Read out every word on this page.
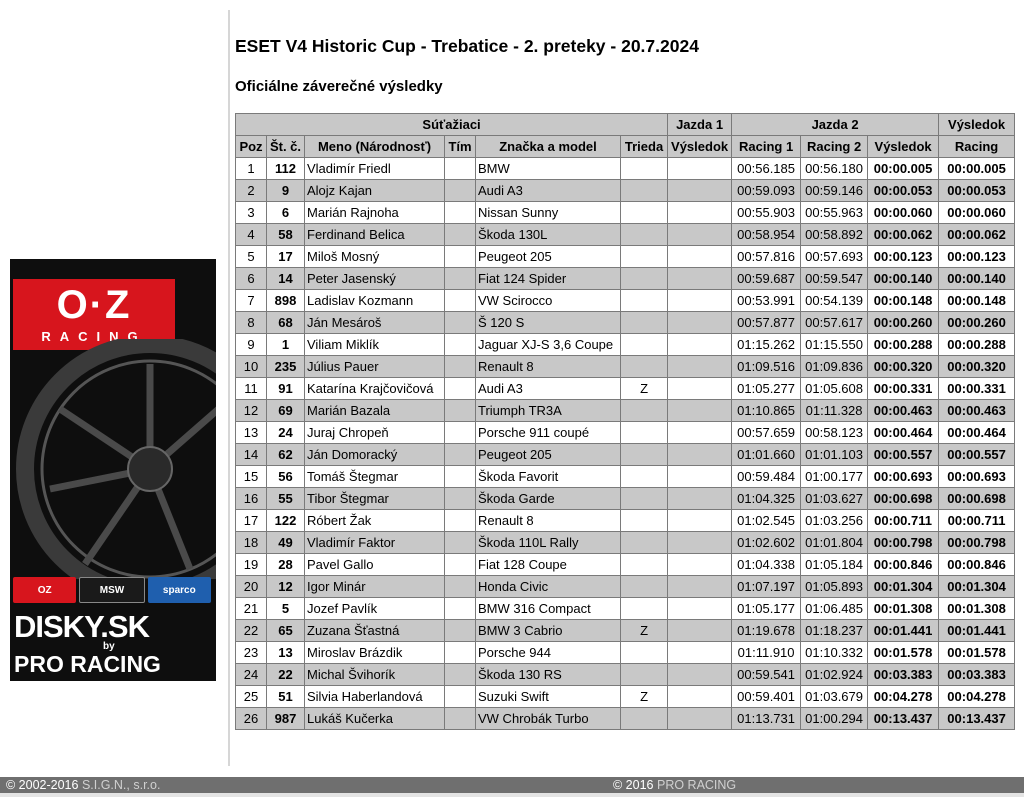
ESET V4 Historic Cup - Trebatice - 2. preteky - 20.7.2024
Oficiálne záverečné výsledky
O·Z
RACING
OZ	MSW	sparco
DISKY.SK
by
PRO RACING
Súťažiaci						Jazda 1	Jazda 2			Výsledok
Poz	Št. č.	Meno (Národnosť)	Tím	Značka a model	Trieda	Výsledok	Racing 1	Racing 2	Výsledok	Racing
1	112	Vladimír Friedl		BMW			00:56.185	00:56.180	00:00.005	00:00.005
2	9	Alojz Kajan		Audi A3			00:59.093	00:59.146	00:00.053	00:00.053
3	6	Marián Rajnoha		Nissan Sunny			00:55.903	00:55.963	00:00.060	00:00.060
4	58	Ferdinand Belica		Škoda 130L			00:58.954	00:58.892	00:00.062	00:00.062
5	17	Miloš Mosný		Peugeot 205			00:57.816	00:57.693	00:00.123	00:00.123
6	14	Peter Jasenský		Fiat 124 Spider			00:59.687	00:59.547	00:00.140	00:00.140
7	898	Ladislav Kozmann		VW Scirocco			00:53.991	00:54.139	00:00.148	00:00.148
8	68	Ján Mesároš		Š 120 S			00:57.877	00:57.617	00:00.260	00:00.260
9	1	Viliam Miklík		Jaguar XJ-S 3,6 Coupe			01:15.262	01:15.550	00:00.288	00:00.288
10	235	Július Pauer		Renault 8			01:09.516	01:09.836	00:00.320	00:00.320
11	91	Katarína Krajčovičová		Audi A3	Z		01:05.277	01:05.608	00:00.331	00:00.331
12	69	Marián Bazala		Triumph TR3A			01:10.865	01:11.328	00:00.463	00:00.463
13	24	Juraj Chropeň		Porsche 911 coupé			00:57.659	00:58.123	00:00.464	00:00.464
14	62	Ján Domoracký		Peugeot 205			01:01.660	01:01.103	00:00.557	00:00.557
15	56	Tomáš Štegmar		Škoda Favorit			00:59.484	01:00.177	00:00.693	00:00.693
16	55	Tibor Štegmar		Škoda Garde			01:04.325	01:03.627	00:00.698	00:00.698
17	122	Róbert Žak		Renault 8			01:02.545	01:03.256	00:00.711	00:00.711
18	49	Vladimír Faktor		Škoda 110L Rally			01:02.602	01:01.804	00:00.798	00:00.798
19	28	Pavel Gallo		Fiat 128 Coupe			01:04.338	01:05.184	00:00.846	00:00.846
20	12	Igor Minár		Honda Civic			01:07.197	01:05.893	00:01.304	00:01.304
21	5	Jozef Pavlík		BMW 316 Compact			01:05.177	01:06.485	00:01.308	00:01.308
22	65	Zuzana Šťastná		BMW 3 Cabrio	Z		01:19.678	01:18.237	00:01.441	00:01.441
23	13	Miroslav Brázdik		Porsche 944			01:11.910	01:10.332	00:01.578	00:01.578
24	22	Michal Švihorík		Škoda 130 RS			00:59.541	01:02.924	00:03.383	00:03.383
25	51	Silvia Haberlandová		Suzuki Swift	Z		00:59.401	01:03.679	00:04.278	00:04.278
26	987	Lukáš Kučerka		VW Chrobák Turbo			01:13.731	01:00.294	00:13.437	00:13.437
© 2002-2016 S.I.G.N., s.r.o.	© 2016 PRO RACING
